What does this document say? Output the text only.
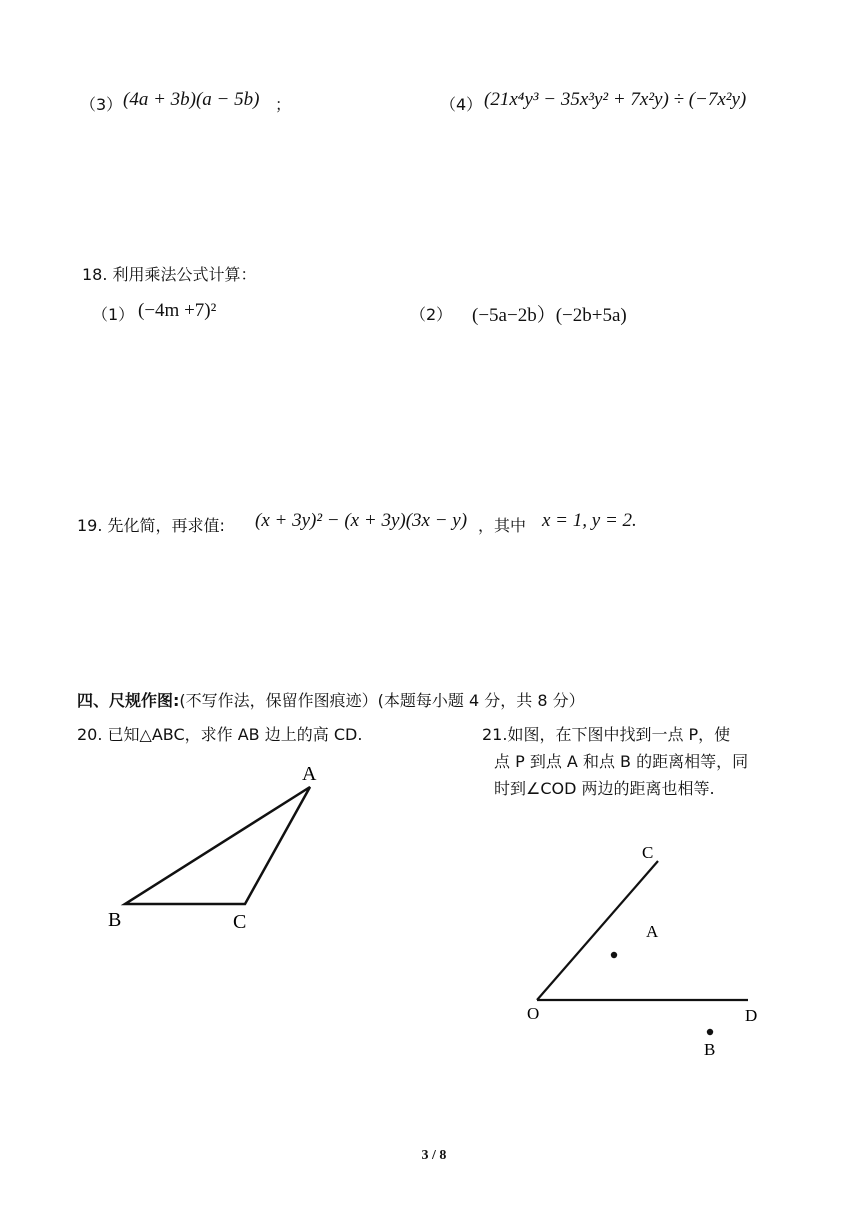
（3） (4a + 3b)(a − 5b) ；	（4） (21x⁴y³ − 35x³y² + 7x²y) ÷ (−7x²y)
18. 利用乘法公式计算：
（1） (−4m +7)²	（2） (−5a−2b）(−2b+5a)
19. 先化简，再求值: (x + 3y)² − (x + 3y)(3x − y) ，其中 x = 1, y = 2.
四、尺规作图:(不写作法，保留作图痕迹）(本题每小题 4 分，共 8 分）
20. 已知△ABC，求作 AB 边上的高 CD.	21.如图，在下图中找到一点 P，使
点 P 到点 A 和点 B 的距离相等，同
时到∠COD 两边的距离也相等.
A
B	C
C
A
O	D
B
3 / 8
